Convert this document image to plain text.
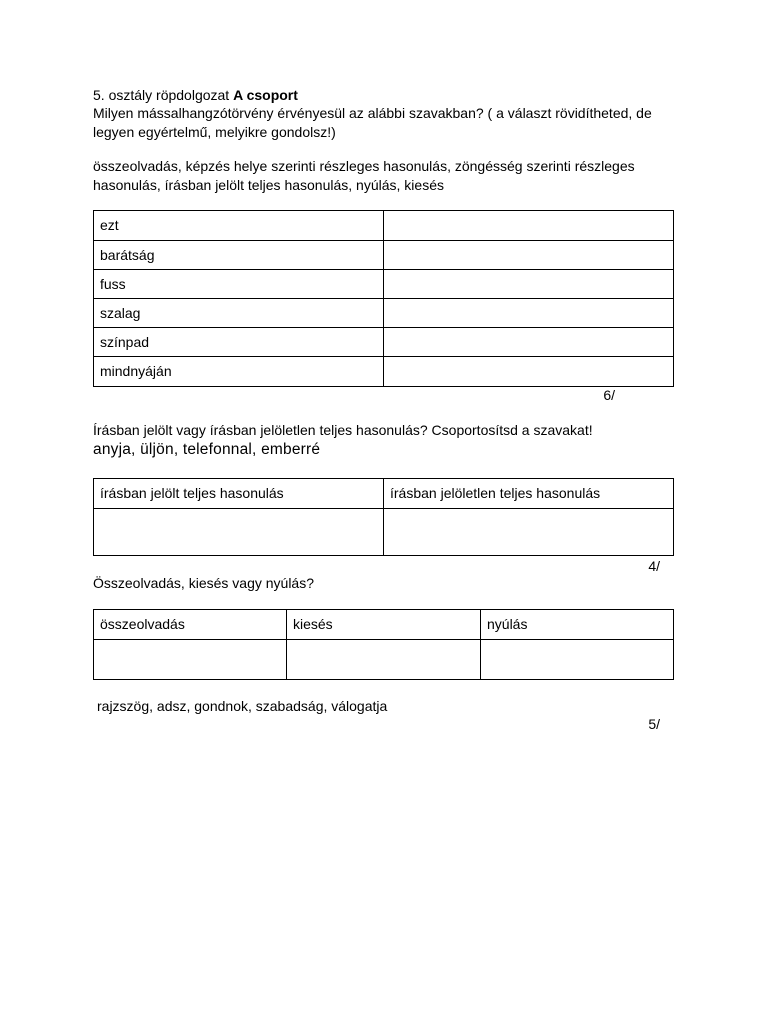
5. osztály röpdolgozat A csoport
Milyen mássalhangzótörvény érvényesül az alábbi szavakban? ( a választ rövidítheted, de
legyen egyértelmű, melyikre gondolsz!)
összeolvadás, képzés helye szerinti részleges hasonulás, zöngésség szerinti részleges
hasonulás, írásban jelölt teljes hasonulás, nyúlás, kiesés
ezt	
barátság	
fuss	
szalag	
színpad	
mindnyáján	
6/
Írásban jelölt vagy írásban jelöletlen teljes hasonulás? Csoportosítsd a szavakat!
anyja, üljön, telefonnal, emberré
írásban jelölt teljes hasonulás	írásban jelöletlen teljes hasonulás

4/
Összeolvadás, kiesés vagy nyúlás?
összeolvadás	kiesés	nyúlás

rajzszög, adsz, gondnok, szabadság, válogatja
5/
